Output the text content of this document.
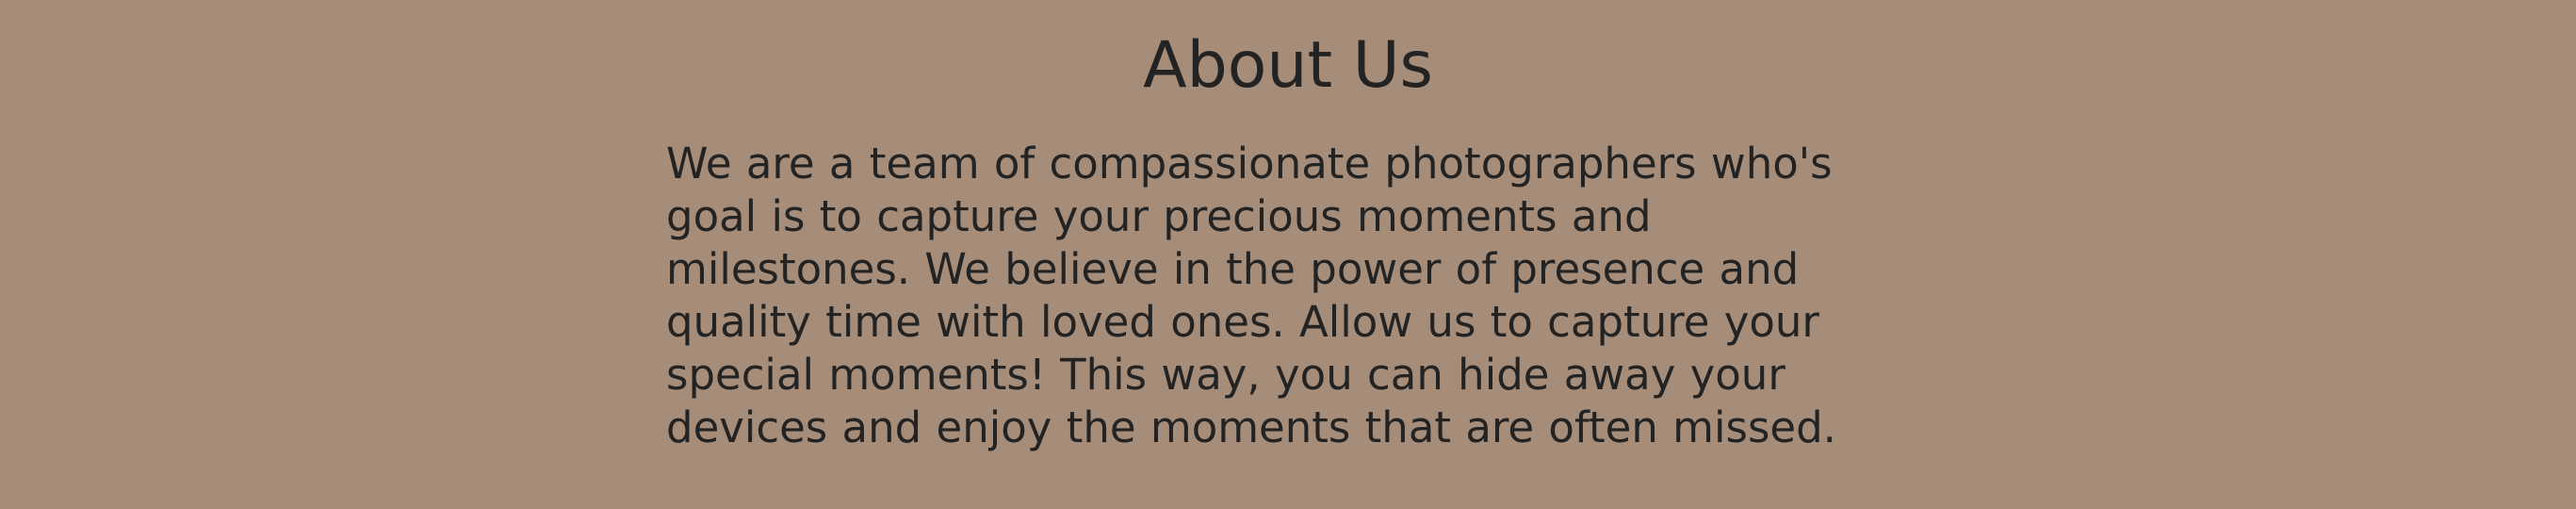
About Us

We are a team of compassionate photographers who's goal is to capture your precious moments and milestones. We believe in the power of presence and quality time with loved ones. Allow us to capture your special moments! This way, you can hide away your devices and enjoy the moments that are often missed.
